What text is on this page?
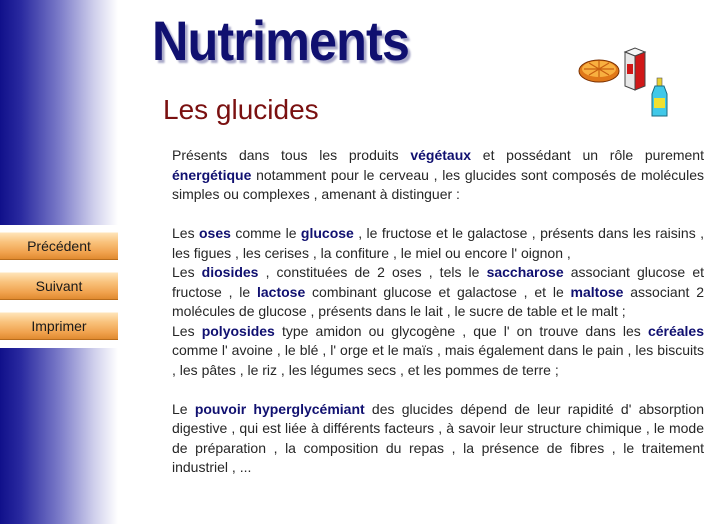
Précédent
Suivant
Imprimer
Nutriments
Les glucides

Présents dans tous les produits végétaux et possédant un rôle purement énergétique notamment pour le cerveau , les glucides sont composés de molécules simples ou complexes , amenant à distinguer :

Les oses comme le glucose , le fructose et le galactose , présents dans les raisins , les figues , les cerises , la confiture , le miel ou encore l' oignon ,

Les diosides , constituées de 2 oses , tels le saccharose associant glucose et fructose , le lactose combinant glucose et galactose , et le maltose associant 2 molécules de glucose , présents dans le lait , le sucre de table et le malt ;

Les polyosides type amidon ou glycogène , que l' on trouve dans les céréales comme l' avoine , le blé , l' orge et le maïs , mais également dans le pain , les biscuits , les pâtes , le riz , les légumes secs , et les pommes de terre ;

Le pouvoir hyperglycémiant des glucides dépend de leur rapidité d' absorption digestive , qui est liée à différents facteurs , à savoir leur structure chimique , le mode de préparation , la composition du repas , la présence de fibres , le traitement industriel , ...
